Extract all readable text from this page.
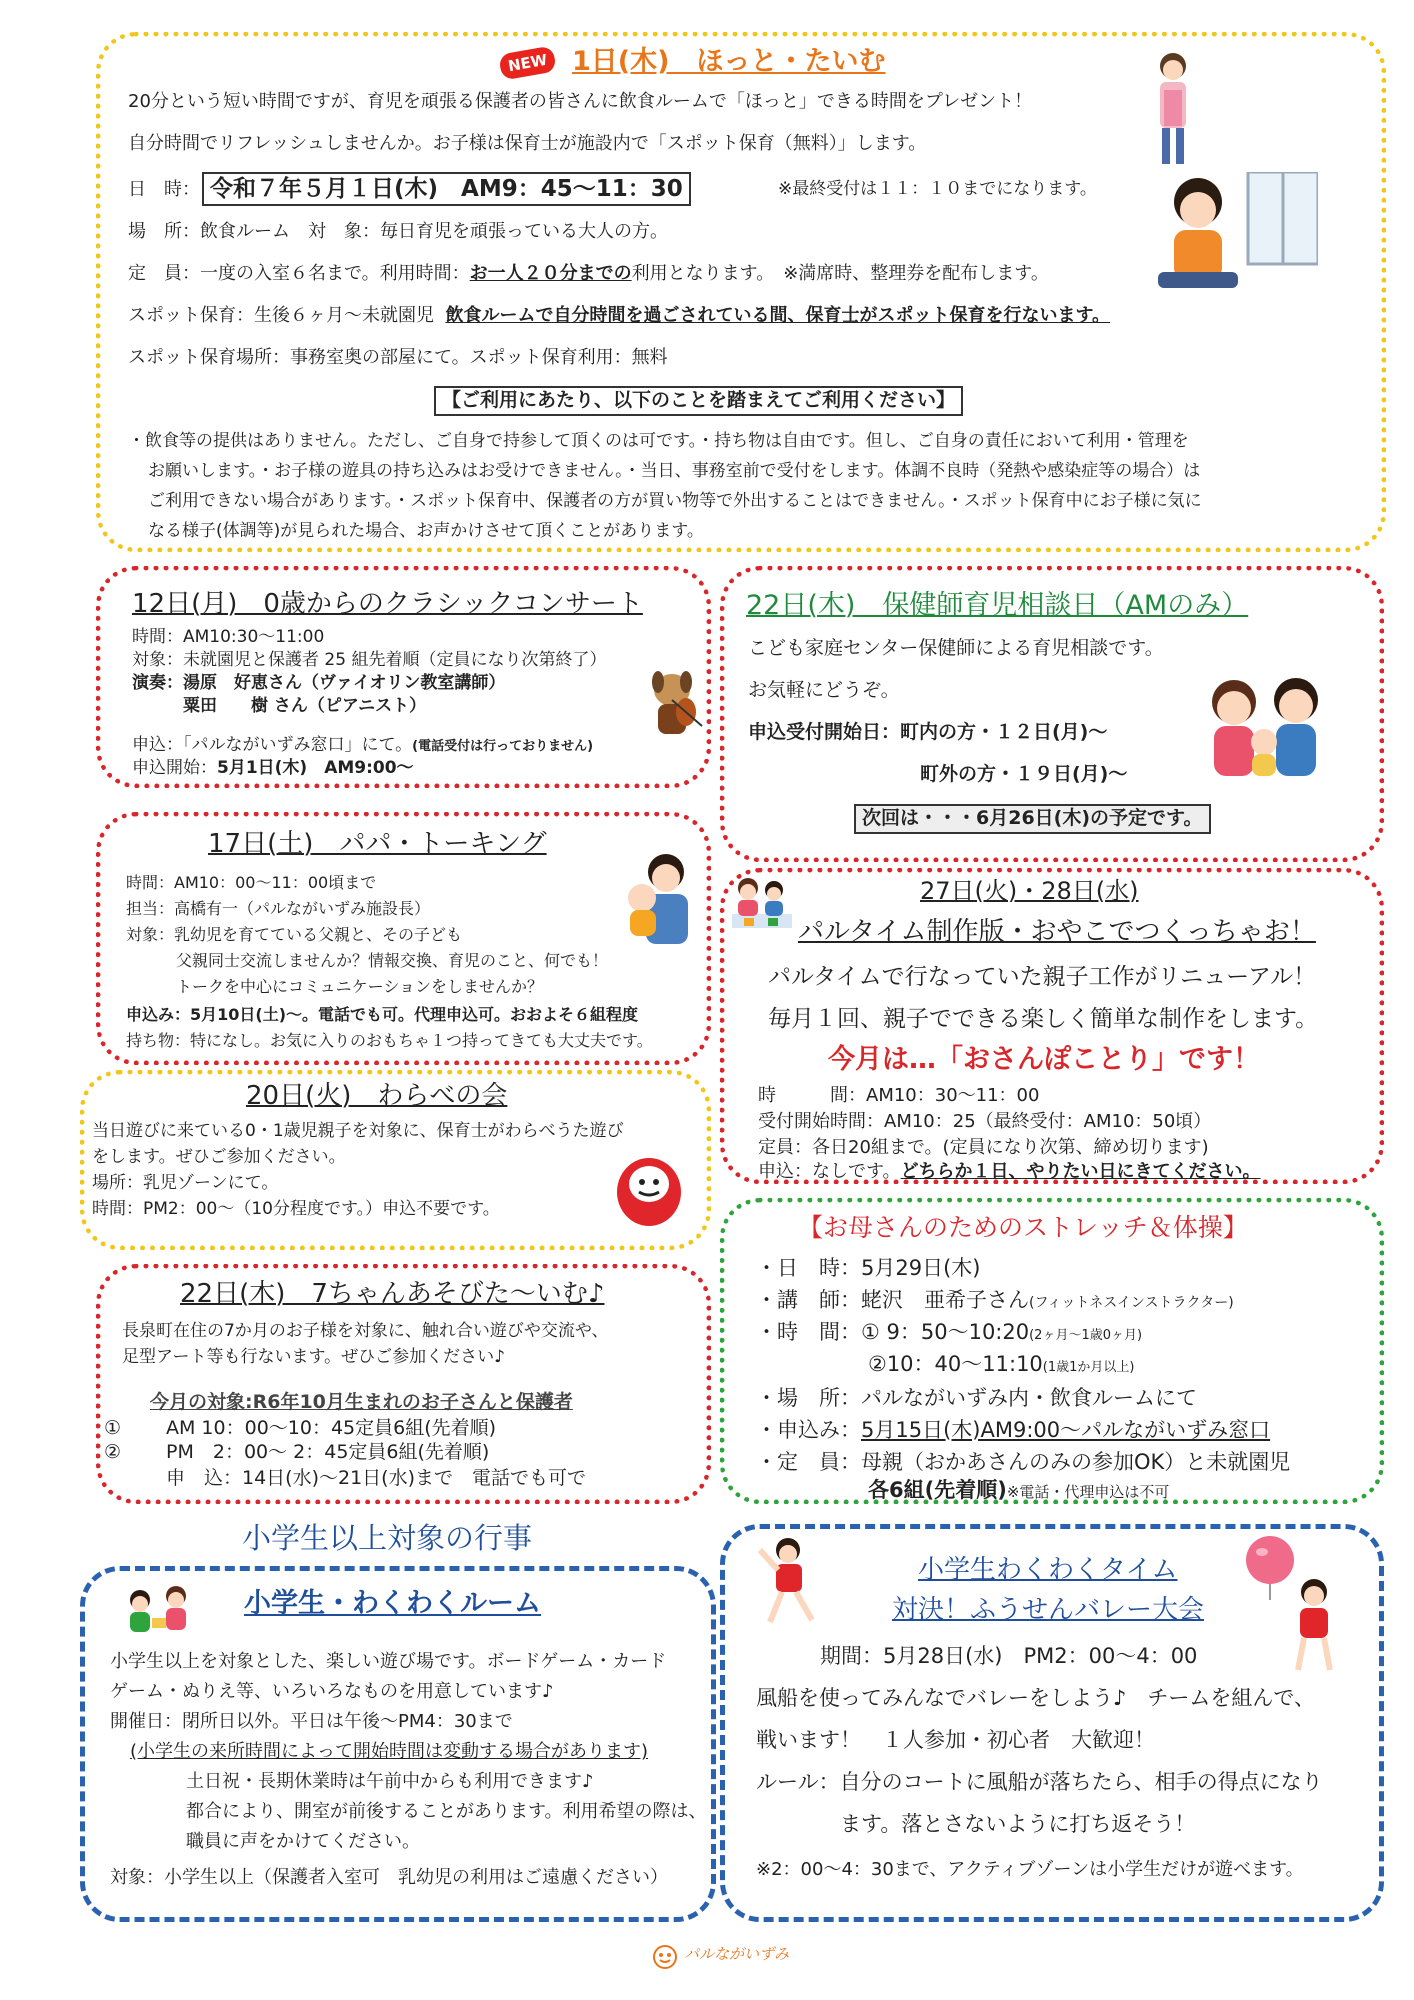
NEW 1日(木)　ほっと・たいむ
20分という短い時間ですが、育児を頑張る保護者の皆さんに飲食ルームで「ほっと」できる時間をプレゼント！
自分時間でリフレッシュしませんか。お子様は保育士が施設内で「スポット保育（無料）」します。
日　時： 令和７年５月１日(木)　AM9：45～11：30	※最終受付は１１：１０までになります。
場　所：飲食ルーム　対　象：毎日育児を頑張っている大人の方。
定　員：一度の入室６名まで。利用時間：お一人２０分までの利用となります。　※満席時、整理券を配布します。
スポット保育：生後６ヶ月～未就園児 飲食ルームで自分時間を過ごされている間、保育士がスポット保育を行ないます。
スポット保育場所：事務室奥の部屋にて。スポット保育利用：無料
【ご利用にあたり、以下のことを踏まえてご利用ください】
・飲食等の提供はありません。ただし、ご自身で持参して頂くのは可です。・持ち物は自由です。但し、ご自身の責任において利用・管理を
お願いします。・お子様の遊具の持ち込みはお受けできません。・当日、事務室前で受付をします。体調不良時（発熱や感染症等の場合）は
ご利用できない場合があります。・スポット保育中、保護者の方が買い物等で外出することはできません。・スポット保育中にお子様に気に
なる様子(体調等)が見られた場合、お声かけさせて頂くことがあります。
12日(月)　0歳からのクラシックコンサート
時間：AM10:30～11:00
対象：未就園児と保護者 25 組先着順（定員になり次第終了）
演奏：湯原　好恵さん（ヴァイオリン教室講師）
　　　粟田　　樹 さん（ピアニスト）
申込：「パルながいずみ窓口」にて。(電話受付は行っておりません)
申込開始：5月1日(木)　AM9:00～
22日(木)　保健師育児相談日（AMのみ）
こども家庭センター保健師による育児相談です。
お気軽にどうぞ。
申込受付開始日：町内の方・１２日(月)～
町外の方・１９日(月)～
次回は・・・6月26日(木)の予定です。
17日(土)　パパ・トーキング
時間：AM10：00～11：00頃まで
担当：高橋有一（パルながいずみ施設長）
対象：乳幼児を育てている父親と、その子ども
父親同士交流しませんか？情報交換、育児のこと、何でも！
トークを中心にコミュニケーションをしませんか？
申込み：5月10日(土)～。電話でも可。代理申込可。おおよそ６組程度
持ち物：特になし。お気に入りのおもちゃ１つ持ってきても大丈夫です。
27日(火)・28日(水)
パルタイム制作版・おやこでつくっちゃお！
パルタイムで行なっていた親子工作がリニューアル！
毎月１回、親子でできる楽しく簡単な制作をします。
今月は…「おさんぽことり」です！
時　　　間：AM10：30～11：00
受付開始時間：AM10：25（最終受付：AM10：50頃）
定員：各日20組まで。(定員になり次第、締め切ります)
申込：なしです。どちらか１日、やりたい日にきてください。
20日(火)　わらべの会
当日遊びに来ている0・1歳児親子を対象に、保育士がわらべうた遊び
をします。ぜひご参加ください。
場所：乳児ゾーンにて。
時間：PM2：00～（10分程度です。）申込不要です。
【お母さんのためのストレッチ＆体操】
・日　時：5月29日(木)
・講　師：蛯沢　亜希子さん(フィットネスインストラクター)
・時　間：① 9：50～10:20(2ヶ月～1歳0ヶ月)
②10：40～11:10(1歳1か月以上)
・場　所：パルながいずみ内・飲食ルームにて
・申込み：5月15日(木)AM9:00～パルながいずみ窓口
・定　員：母親（おかあさんのみの参加OK）と未就園児
各6組(先着順)※電話・代理申込は不可
22日(木)　7ちゃんあそびた～いむ♪
長泉町在住の7か月のお子様を対象に、触れ合い遊びや交流や、
足型アート等も行ないます。ぜひご参加ください♪
今月の対象:R6年10月生まれのお子さんと保護者
① AM 10：00～10：45定員6組(先着順)
② PM　2：00～ 2：45定員6組(先着順)
申　込：14日(水)～21日(水)まで　電話でも可で
小学生以上対象の行事
小学生・わくわくルーム
小学生以上を対象とした、楽しい遊び場です。ボードゲーム・カード
ゲーム・ぬりえ等、いろいろなものを用意しています♪
開催日：閉所日以外。平日は午後～PM4：30まで
(小学生の来所時間によって開始時間は変動する場合があります)
土日祝・長期休業時は午前中からも利用できます♪
都合により、開室が前後することがあります。利用希望の際は、
職員に声をかけてください。
対象：小学生以上（保護者入室可　乳幼児の利用はご遠慮ください）
小学生わくわくタイム
対決！ふうせんバレー大会
期間：5月28日(水)　PM2：00～4：00
風船を使ってみんなでバレーをしよう♪　チームを組んで、
戦います！　１人参加・初心者　大歓迎！
ルール：自分のコートに風船が落ちたら、相手の得点になり
ます。落とさないように打ち返そう！
※2：00～4：30まで、アクティブゾーンは小学生だけが遊べます。
パルながいずみ
